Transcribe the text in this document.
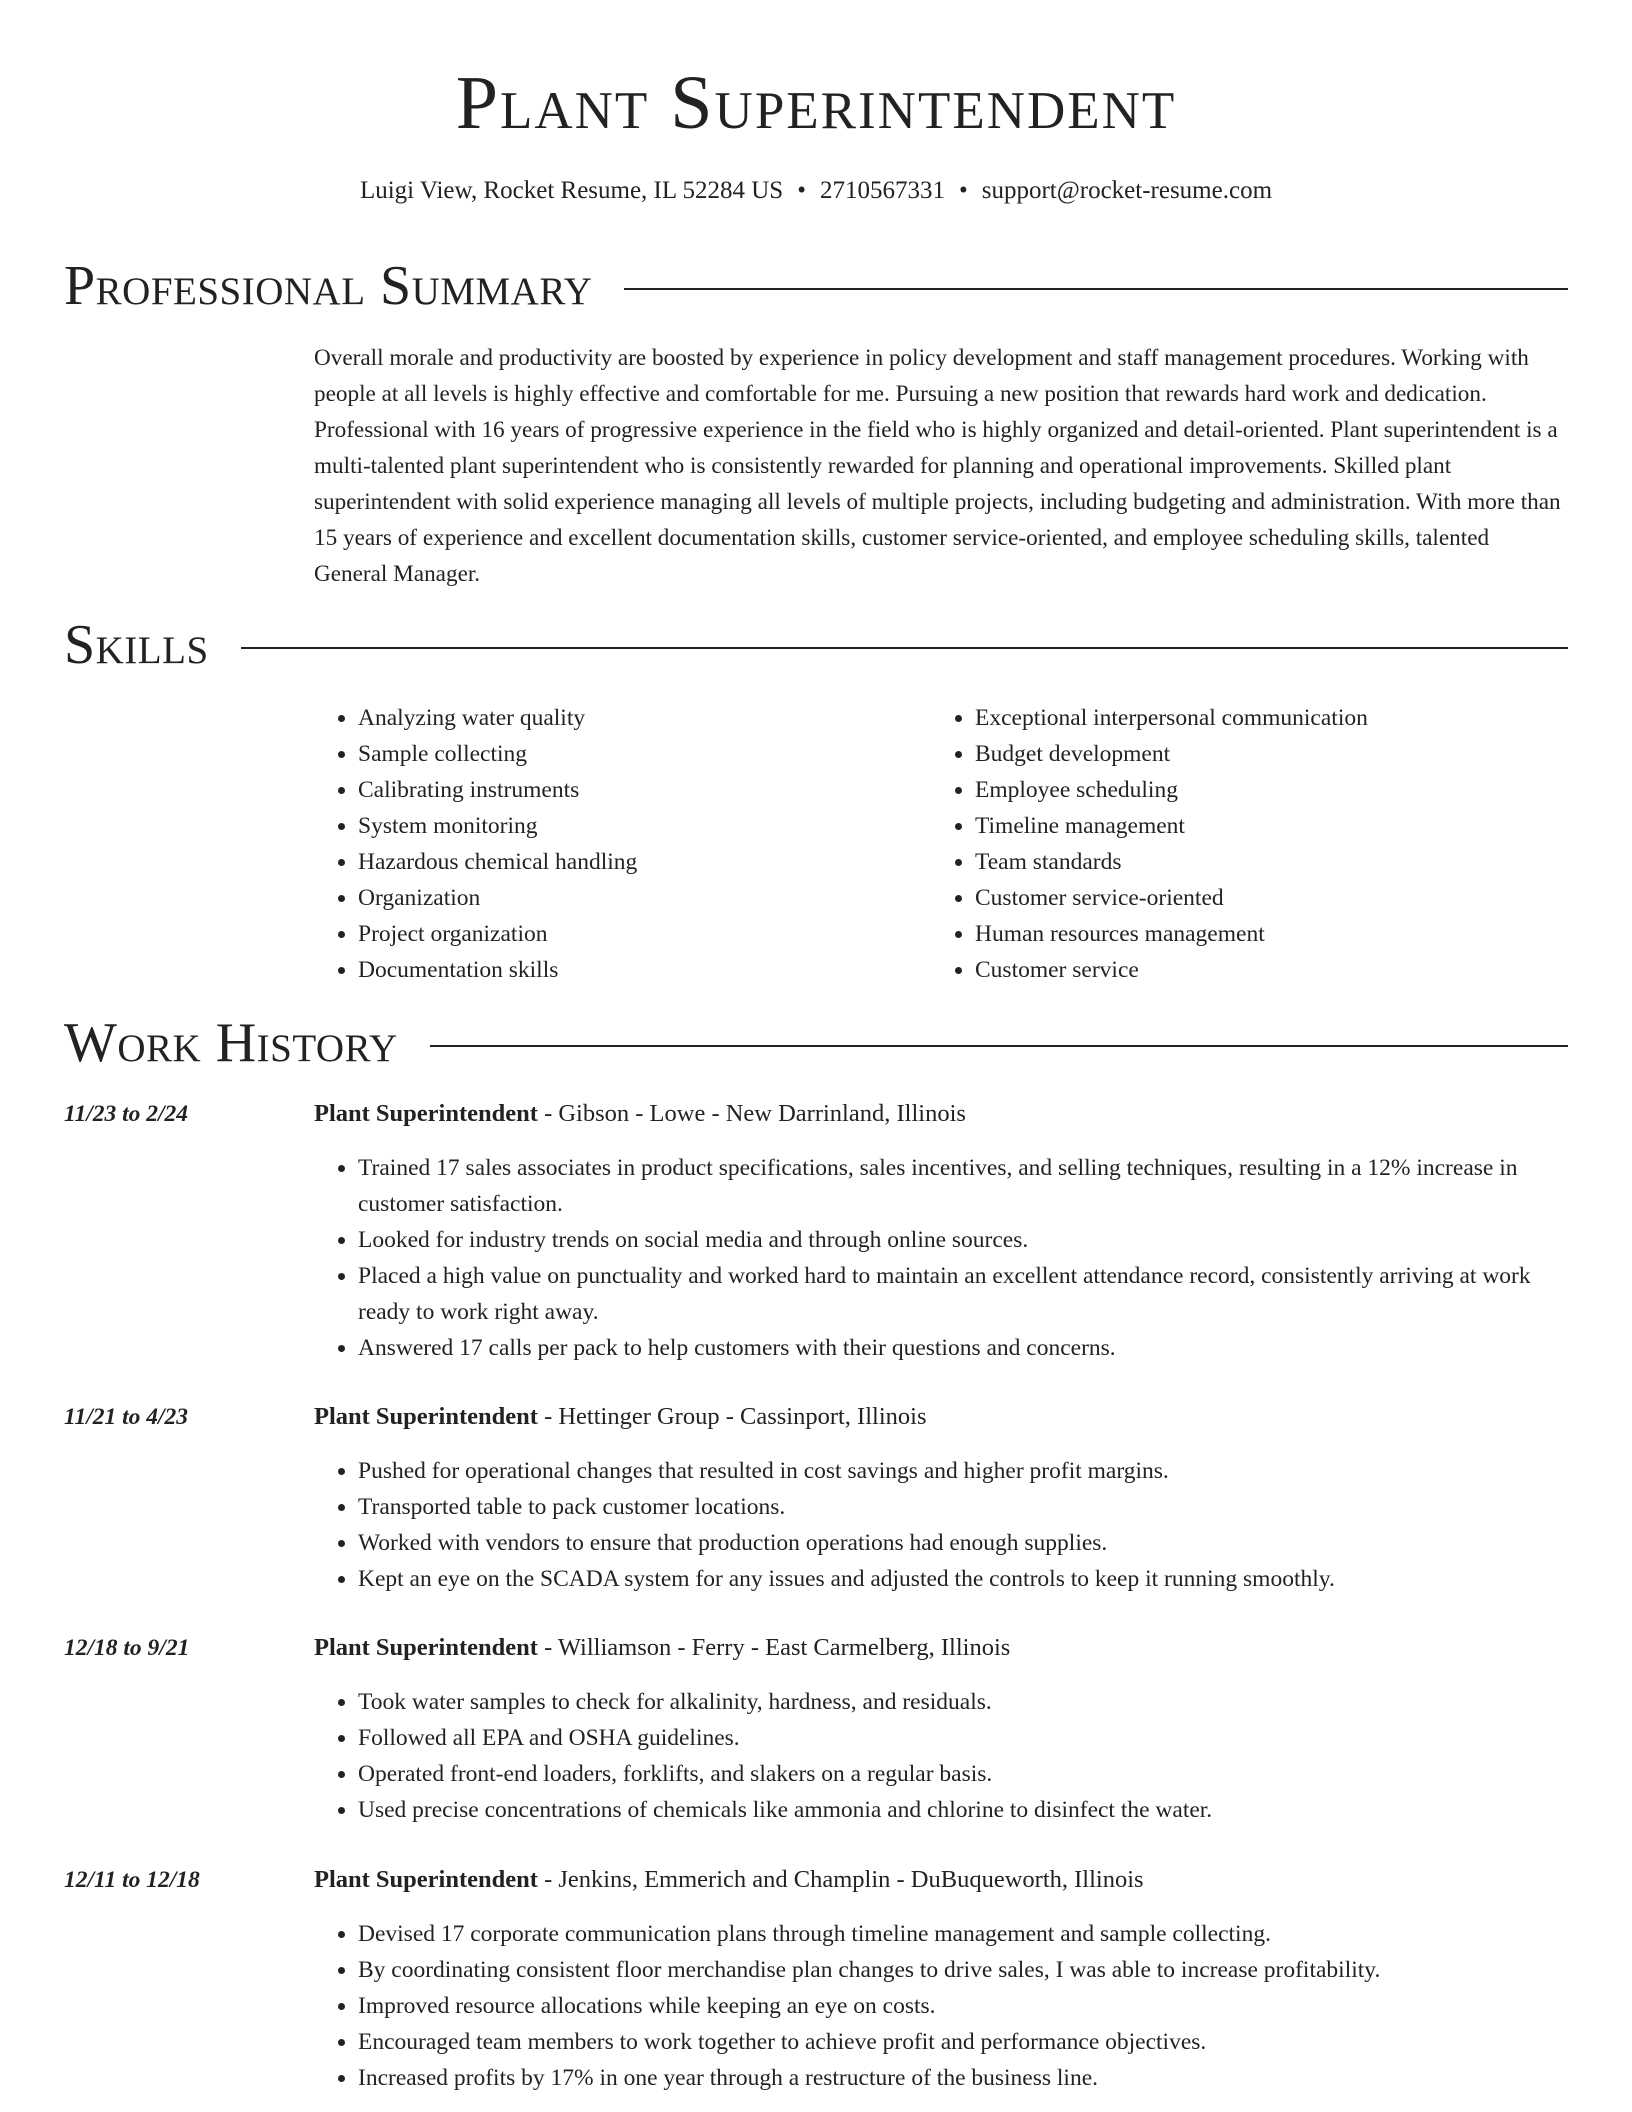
Plant Superintendent
Luigi View, Rocket Resume, IL 52284 US • 2710567331 • support@rocket-resume.com
Professional Summary

Overall morale and productivity are boosted by experience in policy development and staff management procedures. Working with people at all levels is highly effective and comfortable for me. Pursuing a new position that rewards hard work and dedication. Professional with 16 years of progressive experience in the field who is highly organized and detail-oriented. Plant superintendent is a multi-talented plant superintendent who is consistently rewarded for planning and operational improvements. Skilled plant superintendent with solid experience managing all levels of multiple projects, including budgeting and administration. With more than 15 years of experience and excellent documentation skills, customer service-oriented, and employee scheduling skills, talented General Manager.

Skills
• Analyzing water quality
• Sample collecting
• Calibrating instruments
• System monitoring
• Hazardous chemical handling
• Organization
• Project organization
• Documentation skills
• Exceptional interpersonal communication
• Budget development
• Employee scheduling
• Timeline management
• Team standards
• Customer service-oriented
• Human resources management
• Customer service
Work History
11/23 to 2/24	Plant Superintendent - Gibson - Lowe - New Darrinland, Illinois
• Trained 17 sales associates in product specifications, sales incentives, and selling techniques, resulting in a 12% increase in customer satisfaction.
• Looked for industry trends on social media and through online sources.
• Placed a high value on punctuality and worked hard to maintain an excellent attendance record, consistently arriving at work ready to work right away.
• Answered 17 calls per pack to help customers with their questions and concerns.
11/21 to 4/23	Plant Superintendent - Hettinger Group - Cassinport, Illinois
• Pushed for operational changes that resulted in cost savings and higher profit margins.
• Transported table to pack customer locations.
• Worked with vendors to ensure that production operations had enough supplies.
• Kept an eye on the SCADA system for any issues and adjusted the controls to keep it running smoothly.
12/18 to 9/21	Plant Superintendent - Williamson - Ferry - East Carmelberg, Illinois
• Took water samples to check for alkalinity, hardness, and residuals.
• Followed all EPA and OSHA guidelines.
• Operated front-end loaders, forklifts, and slakers on a regular basis.
• Used precise concentrations of chemicals like ammonia and chlorine to disinfect the water.
12/11 to 12/18	Plant Superintendent - Jenkins, Emmerich and Champlin - DuBuqueworth, Illinois
• Devised 17 corporate communication plans through timeline management and sample collecting.
• By coordinating consistent floor merchandise plan changes to drive sales, I was able to increase profitability.
• Improved resource allocations while keeping an eye on costs.
• Encouraged team members to work together to achieve profit and performance objectives.
• Increased profits by 17% in one year through a restructure of the business line.
